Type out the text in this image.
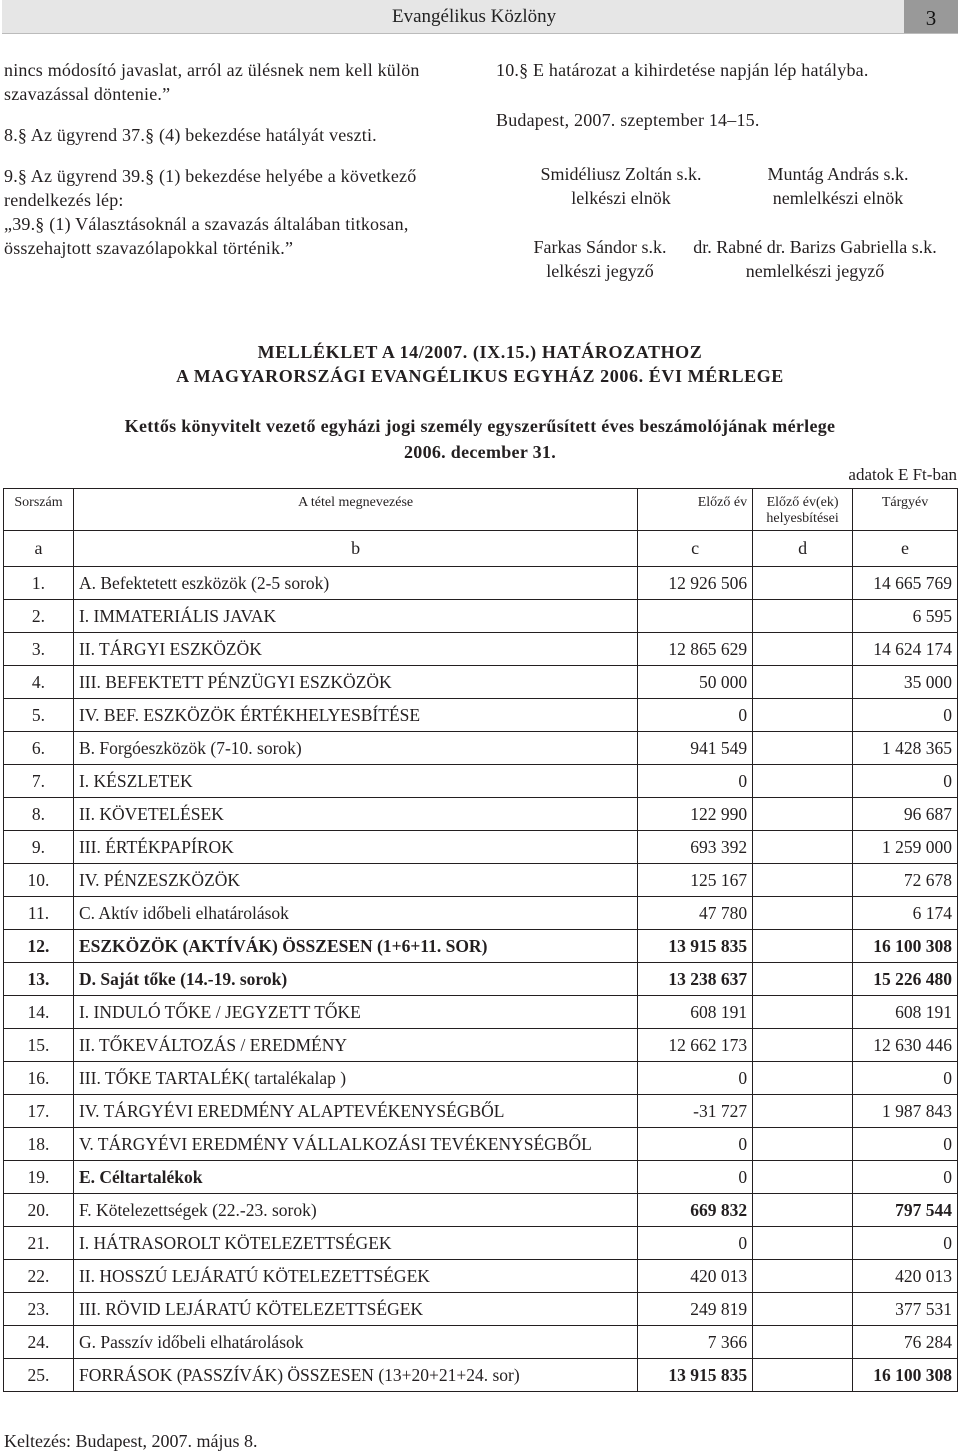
Evangélikus Közlöny	3

nincs módosító javaslat, arról az ülésnek nem kell külön

szavazással döntenie.”

8.§ Az ügyrend 37.§ (4) bekezdése hatályát veszti.

9.§ Az ügyrend 39.§ (1) bekezdése helyébe a következő

rendelkezés lép:

„39.§ (1) Választásoknál a szavazás általában titkosan,

összehajtott szavazólapokkal történik.”

10.§ E határozat a kihirdetése napján lép hatályba.

Budapest, 2007. szeptember 14–15.

Smidéliusz Zoltán s.k.
lelkészi elnök
Muntág András s.k.
nemlelkészi elnök
Farkas Sándor s.k.
lelkészi jegyző
dr. Rabné dr. Barizs Gabriella s.k.
nemlelkészi jegyző
MELLÉKLET A 14/2007. (IX.15.) HATÁROZATHOZ
A MAGYARORSZÁGI EVANGÉLIKUS EGYHÁZ 2006. ÉVI MÉRLEGE
Kettős könyvitelt vezető egyházi jogi személy egyszerűsített éves beszámolójának mérlege
2006. december 31.
adatok E Ft-ban
Sorszám	A tétel megnevezése	Előző év	Előző év(ek) helyesbítései	Tárgyév
a	b	c	d	e
1.	A. Befektetett eszközök (2-5 sorok)	12 926 506		14 665 769
2.	I. IMMATERIÁLIS JAVAK			6 595
3.	II. TÁRGYI ESZKÖZÖK	12 865 629		14 624 174
4.	III. BEFEKTETT PÉNZÜGYI ESZKÖZÖK	50 000		35 000
5.	IV. BEF. ESZKÖZÖK ÉRTÉKHELYESBÍTÉSE	0		0
6.	B. Forgóeszközök (7-10. sorok)	941 549		1 428 365
7.	I. KÉSZLETEK	0		0
8.	II. KÖVETELÉSEK	122 990		96 687
9.	III. ÉRTÉKPAPÍROK	693 392		1 259 000
10.	IV. PÉNZESZKÖZÖK	125 167		72 678
11.	C. Aktív időbeli elhatárolások	47 780		6 174
12.	ESZKÖZÖK (AKTÍVÁK) ÖSSZESEN (1+6+11. SOR)	13 915 835		16 100 308
13.	D. Saját tőke (14.-19. sorok)	13 238 637		15 226 480
14.	I. INDULÓ TŐKE / JEGYZETT TŐKE	608 191		608 191
15.	II. TŐKEVÁLTOZÁS / EREDMÉNY	12 662 173		12 630 446
16.	III. TŐKE TARTALÉK( tartalékalap )	0		0
17.	IV. TÁRGYÉVI EREDMÉNY ALAPTEVÉKENYSÉGBŐL	-31 727		1 987 843
18.	V. TÁRGYÉVI EREDMÉNY VÁLLALKOZÁSI TEVÉKENYSÉGBŐL	0		0
19.	E. Céltartalékok	0		0
20.	F. Kötelezettségek (22.-23. sorok)	669 832		797 544
21.	I. HÁTRASOROLT KÖTELEZETTSÉGEK	0		0
22.	II. HOSSZÚ LEJÁRATÚ KÖTELEZETTSÉGEK	420 013		420 013
23.	III. RÖVID LEJÁRATÚ KÖTELEZETTSÉGEK	249 819		377 531
24.	G. Passzív időbeli elhatárolások	7 366		76 284
25.	FORRÁSOK (PASSZÍVÁK) ÖSSZESEN (13+20+21+24. sor)	13 915 835		16 100 308
Keltezés: Budapest, 2007. május 8.
